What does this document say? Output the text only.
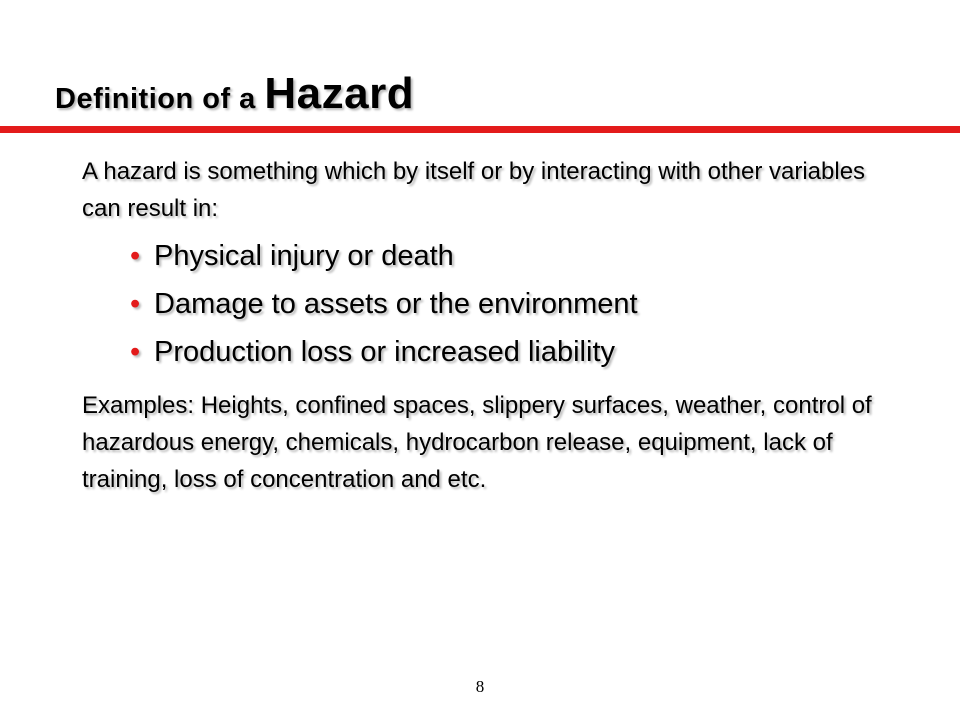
Definition of a Hazard
A hazard is something which by itself or by interacting with other variables can result in:
• Physical injury or death
• Damage to assets or the environment
• Production loss or increased liability
Examples: Heights, confined spaces, slippery surfaces, weather, control of hazardous energy, chemicals, hydrocarbon release, equipment, lack of training, loss of concentration and etc.
8
